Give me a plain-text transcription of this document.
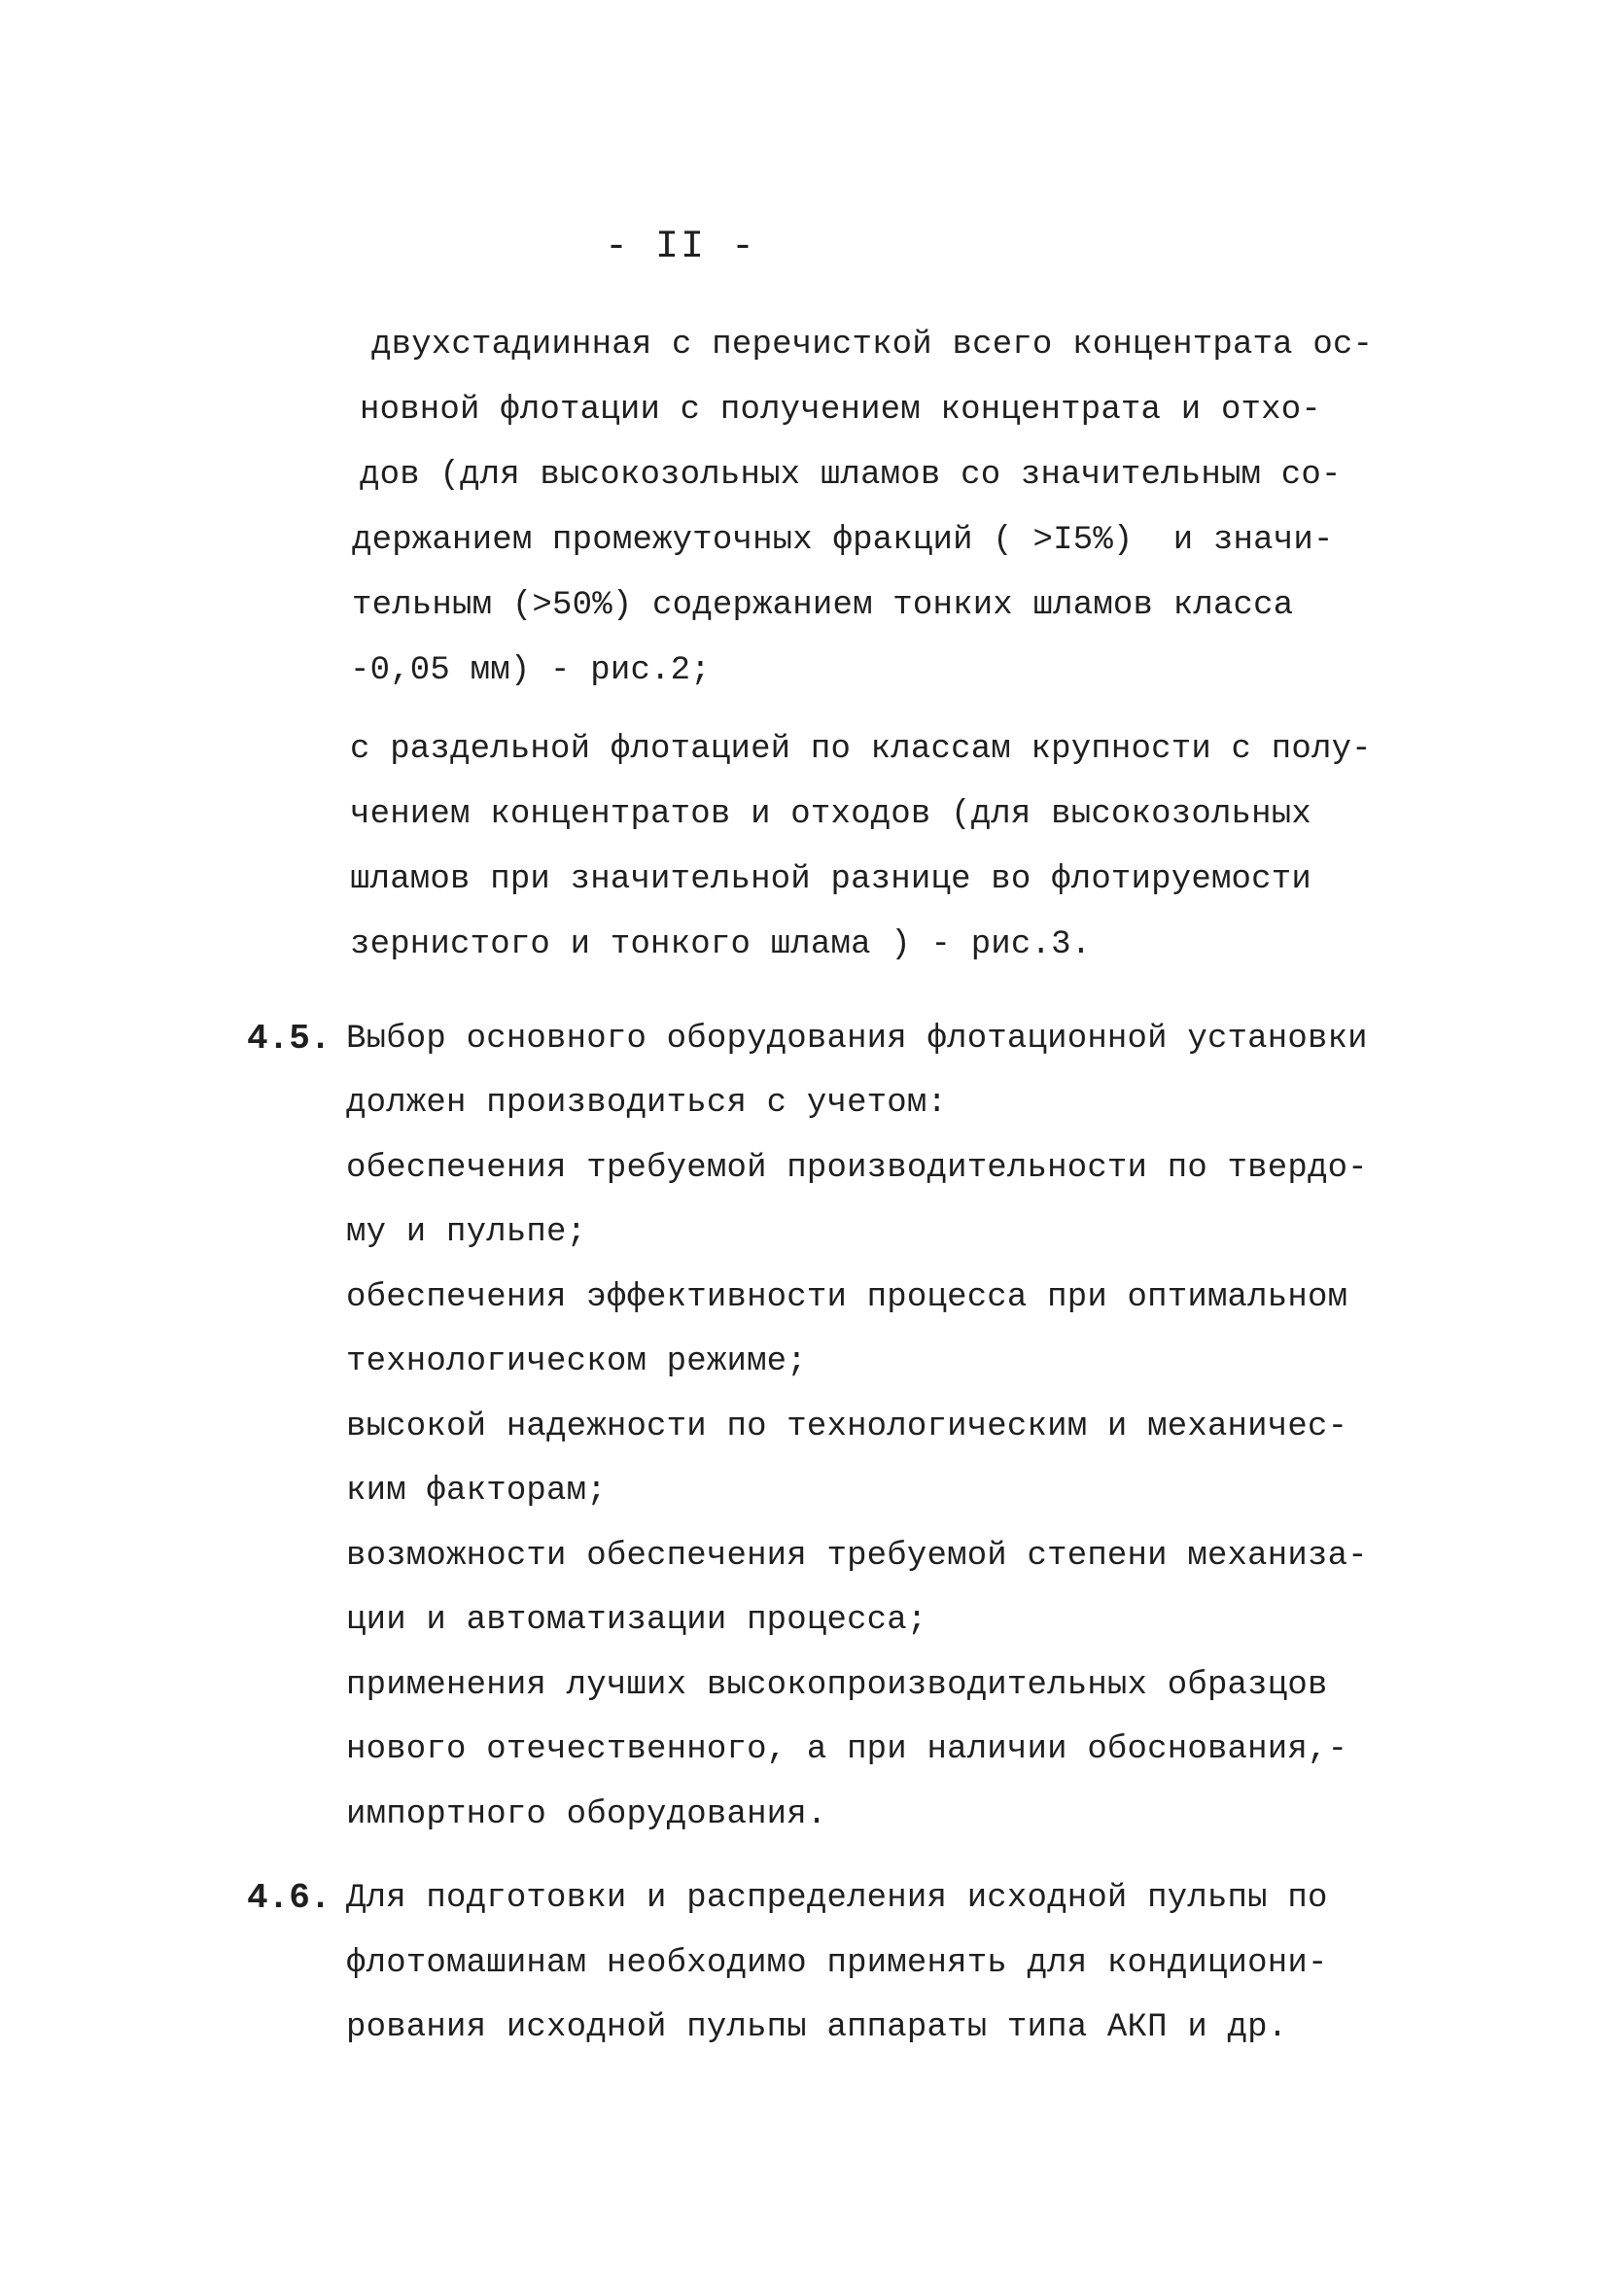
- II -
двухстадиинная с перечисткой всего концентрата ос-
новной флотации с получением концентрата и отхо-
дов (для высокозольных шламов со значительным со-
держанием промежуточных фракций ( >I5%)  и значи-
тельным (>50%) содержанием тонких шламов класса
-0,05 мм) - рис.2;
с раздельной флотацией по классам крупности с полу-
чением концентратов и отходов (для высокозольных
шламов при значительной разнице во флотируемости
зернистого и тонкого шлама ) - рис.3.
4.5. Выбор основного оборудования флотационной установки
должен производиться с учетом:
обеспечения требуемой производительности по твердо-
му и пульпе;
обеспечения эффективности процесса при оптимальном
технологическом режиме;
высокой надежности по технологическим и механичес-
ким факторам;
возможности обеспечения требуемой степени механиза-
ции и автоматизации процесса;
применения лучших высокопроизводительных образцов
нового отечественного, а при наличии обоснования,-
импортного оборудования.
4.6. Для подготовки и распределения исходной пульпы по
флотомашинам необходимо применять для кондициони-
рования исходной пульпы аппараты типа АКП и др.
